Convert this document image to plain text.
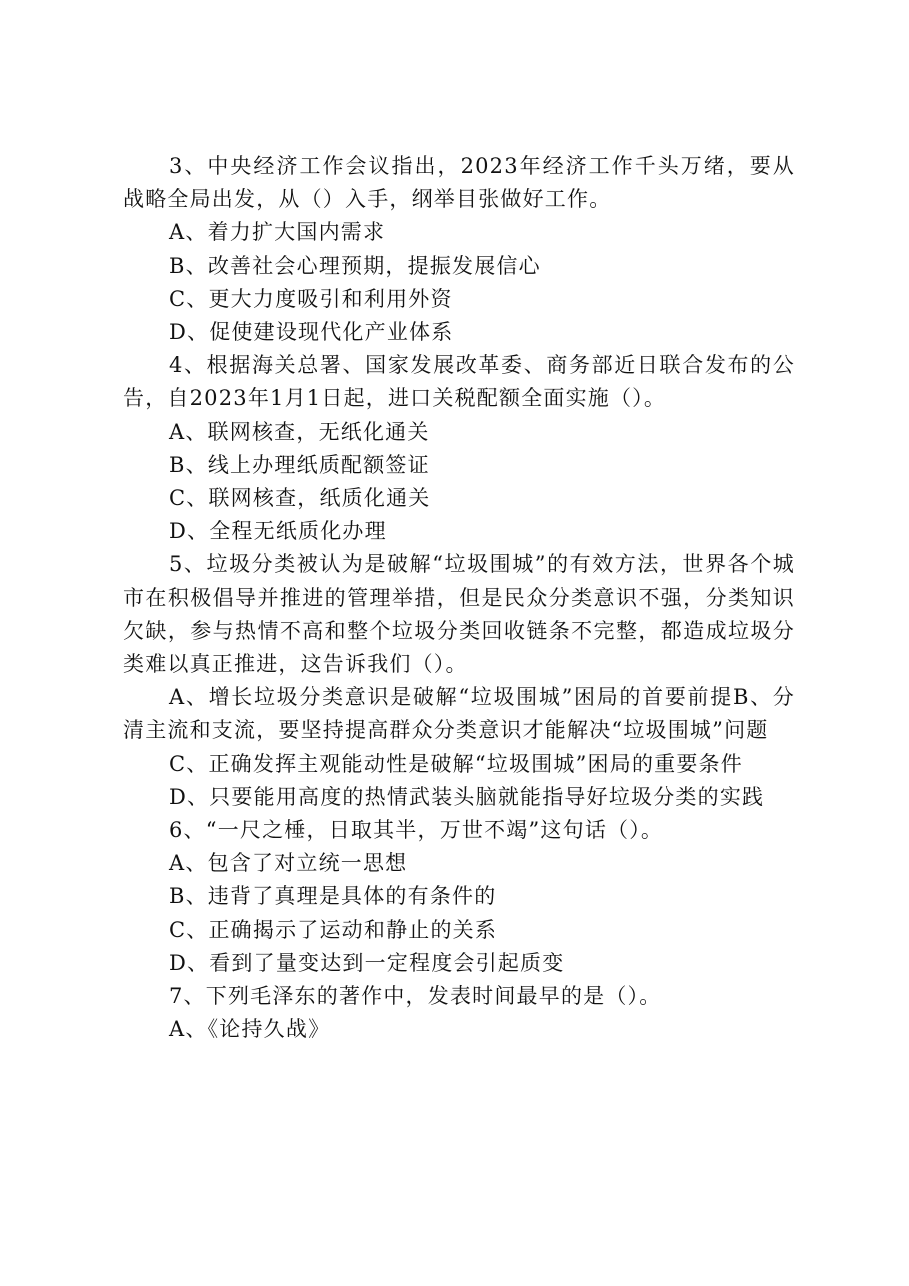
3、中央经济工作会议指出，2023年经济工作千头万绪，要从战略全局出发，从（）入手，纲举目张做好工作。

A、着力扩大国内需求

B、改善社会心理预期，提振发展信心

C、更大力度吸引和利用外资

D、促使建设现代化产业体系

4、根据海关总署、国家发展改革委、商务部近日联合发布的公告，自2023年1月1日起，进口关税配额全面实施（）。

A、联网核查，无纸化通关

B、线上办理纸质配额签证

C、联网核查，纸质化通关

D、全程无纸质化办理

5、垃圾分类被认为是破解“垃圾围城”的有效方法，世界各个城市在积极倡导并推进的管理举措，但是民众分类意识不强，分类知识欠缺，参与热情不高和整个垃圾分类回收链条不完整，都造成垃圾分类难以真正推进，这告诉我们（）。

A、增长垃圾分类意识是破解“垃圾围城”困局的首要前提B、分清主流和支流，要坚持提高群众分类意识才能解决“垃圾围城”问题

C、正确发挥主观能动性是破解“垃圾围城”困局的重要条件

D、只要能用高度的热情武装头脑就能指导好垃圾分类的实践

6、“一尺之棰，日取其半，万世不竭”这句话（）。

A、包含了对立统一思想

B、违背了真理是具体的有条件的

C、正确揭示了运动和静止的关系

D、看到了量变达到一定程度会引起质变

7、下列毛泽东的著作中，发表时间最早的是（）。

A、《论持久战》
